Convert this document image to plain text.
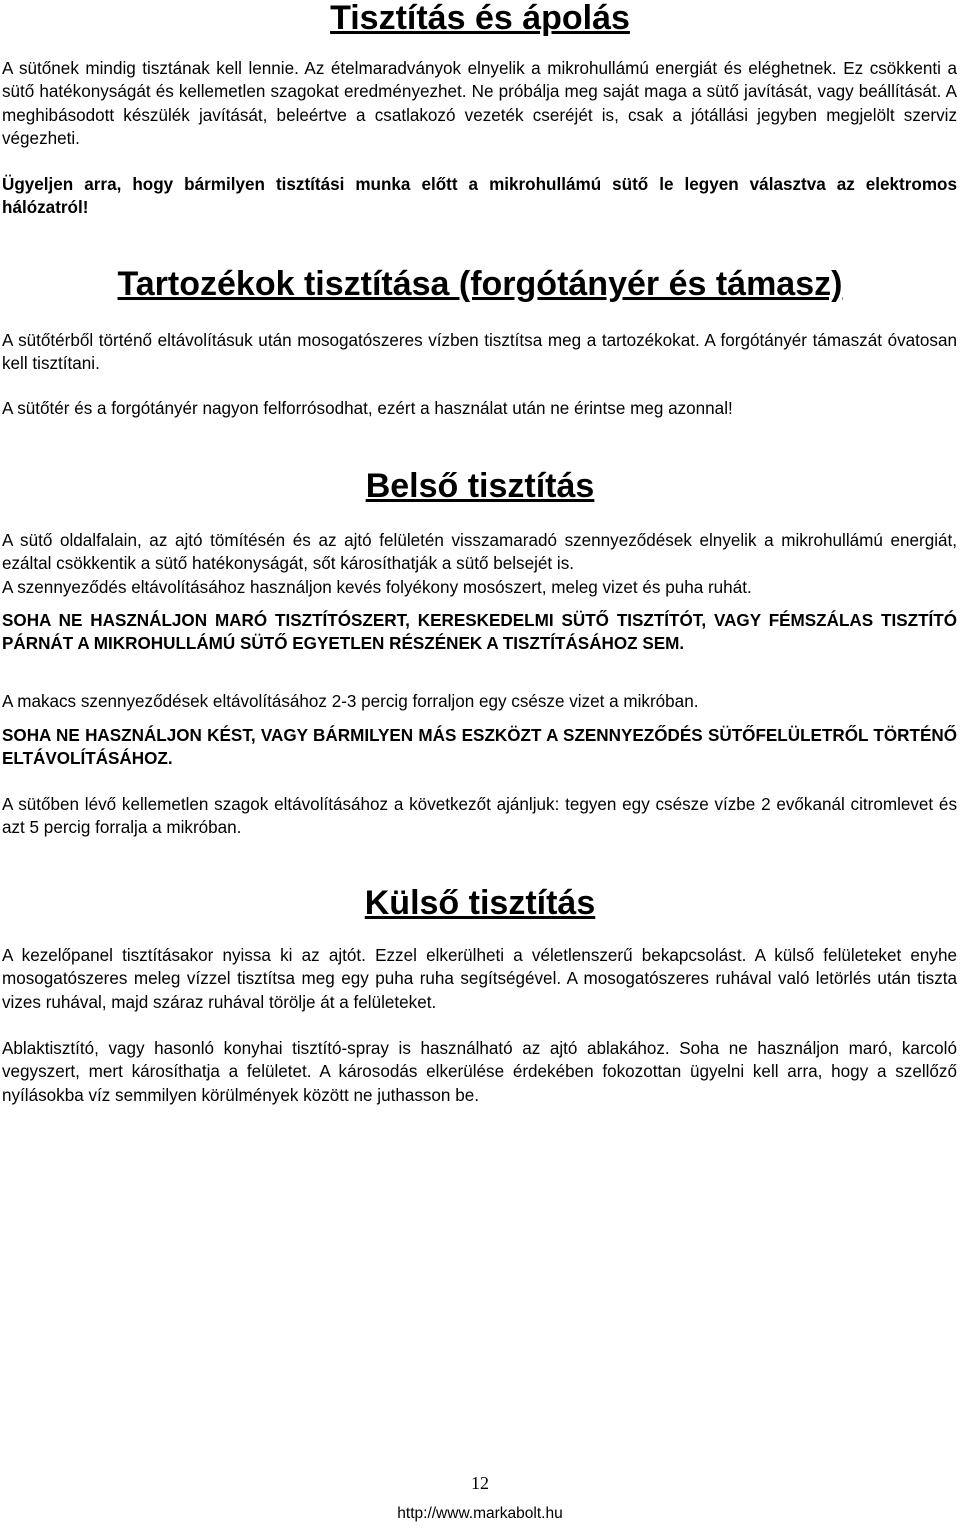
Tisztítás és ápolás

A sütőnek mindig tisztának kell lennie. Az ételmaradványok elnyelik a mikrohullámú energiát és eléghetnek. Ez csökkenti a sütő hatékonyságát és kellemetlen szagokat eredményezhet. Ne próbálja meg saját maga a sütő javítását, vagy beállítását. A meghibásodott készülék javítását, beleértve a csatlakozó vezeték cseréjét is, csak a jótállási jegyben megjelölt szerviz végezheti.

Ügyeljen arra, hogy bármilyen tisztítási munka előtt a mikrohullámú sütő le legyen választva az elektromos hálózatról!

Tartozékok tisztítása (forgótányér és támasz)

A sütőtérből történő eltávolításuk után mosogatószeres vízben tisztítsa meg a tartozékokat. A forgótányér támaszát óvatosan kell tisztítani.

A sütőtér és a forgótányér nagyon felforrósodhat, ezért a használat után ne érintse meg azonnal!

Belső tisztítás

A sütő oldalfalain, az ajtó tömítésén és az ajtó felületén visszamaradó szennyeződések elnyelik a mikrohullámú energiát, ezáltal csökkentik a sütő hatékonyságát, sőt károsíthatják a sütő belsejét is.

A szennyeződés eltávolításához használjon kevés folyékony mosószert, meleg vizet és puha ruhát.

SOHA NE HASZNÁLJON MARÓ TISZTÍTÓSZERT, KERESKEDELMI SÜTŐ TISZTÍTÓT, VAGY FÉMSZÁLAS TISZTÍTÓ PÁRNÁT A MIKROHULLÁMÚ SÜTŐ EGYETLEN RÉSZÉNEK A TISZTÍTÁSÁHOZ SEM.

A makacs szennyeződések eltávolításához 2-3 percig forraljon egy csésze vizet a mikróban.

SOHA NE HASZNÁLJON KÉST, VAGY BÁRMILYEN MÁS ESZKÖZT A SZENNYEZŐDÉS SÜTŐFELÜLETRŐL TÖRTÉNŐ ELTÁVOLÍTÁSÁHOZ.

A sütőben lévő kellemetlen szagok eltávolításához a következőt ajánljuk: tegyen egy csésze vízbe 2 evőkanál citromlevet és azt 5 percig forralja a mikróban.

Külső tisztítás

A kezelőpanel tisztításakor nyissa ki az ajtót. Ezzel elkerülheti a véletlenszerű bekapcsolást. A külső felületeket enyhe mosogatószeres meleg vízzel tisztítsa meg egy puha ruha segítségével. A mosogatószeres ruhával való letörlés után tiszta vizes ruhával, majd száraz ruhával törölje át a felületeket.

Ablaktisztító, vagy hasonló konyhai tisztító-spray is használható az ajtó ablakához. Soha ne használjon maró, karcoló vegyszert, mert károsíthatja a felületet. A károsodás elkerülése érdekében fokozottan ügyelni kell arra, hogy a szellőző nyílásokba víz semmilyen körülmények között ne juthasson be.

12
http://www.markabolt.hu
